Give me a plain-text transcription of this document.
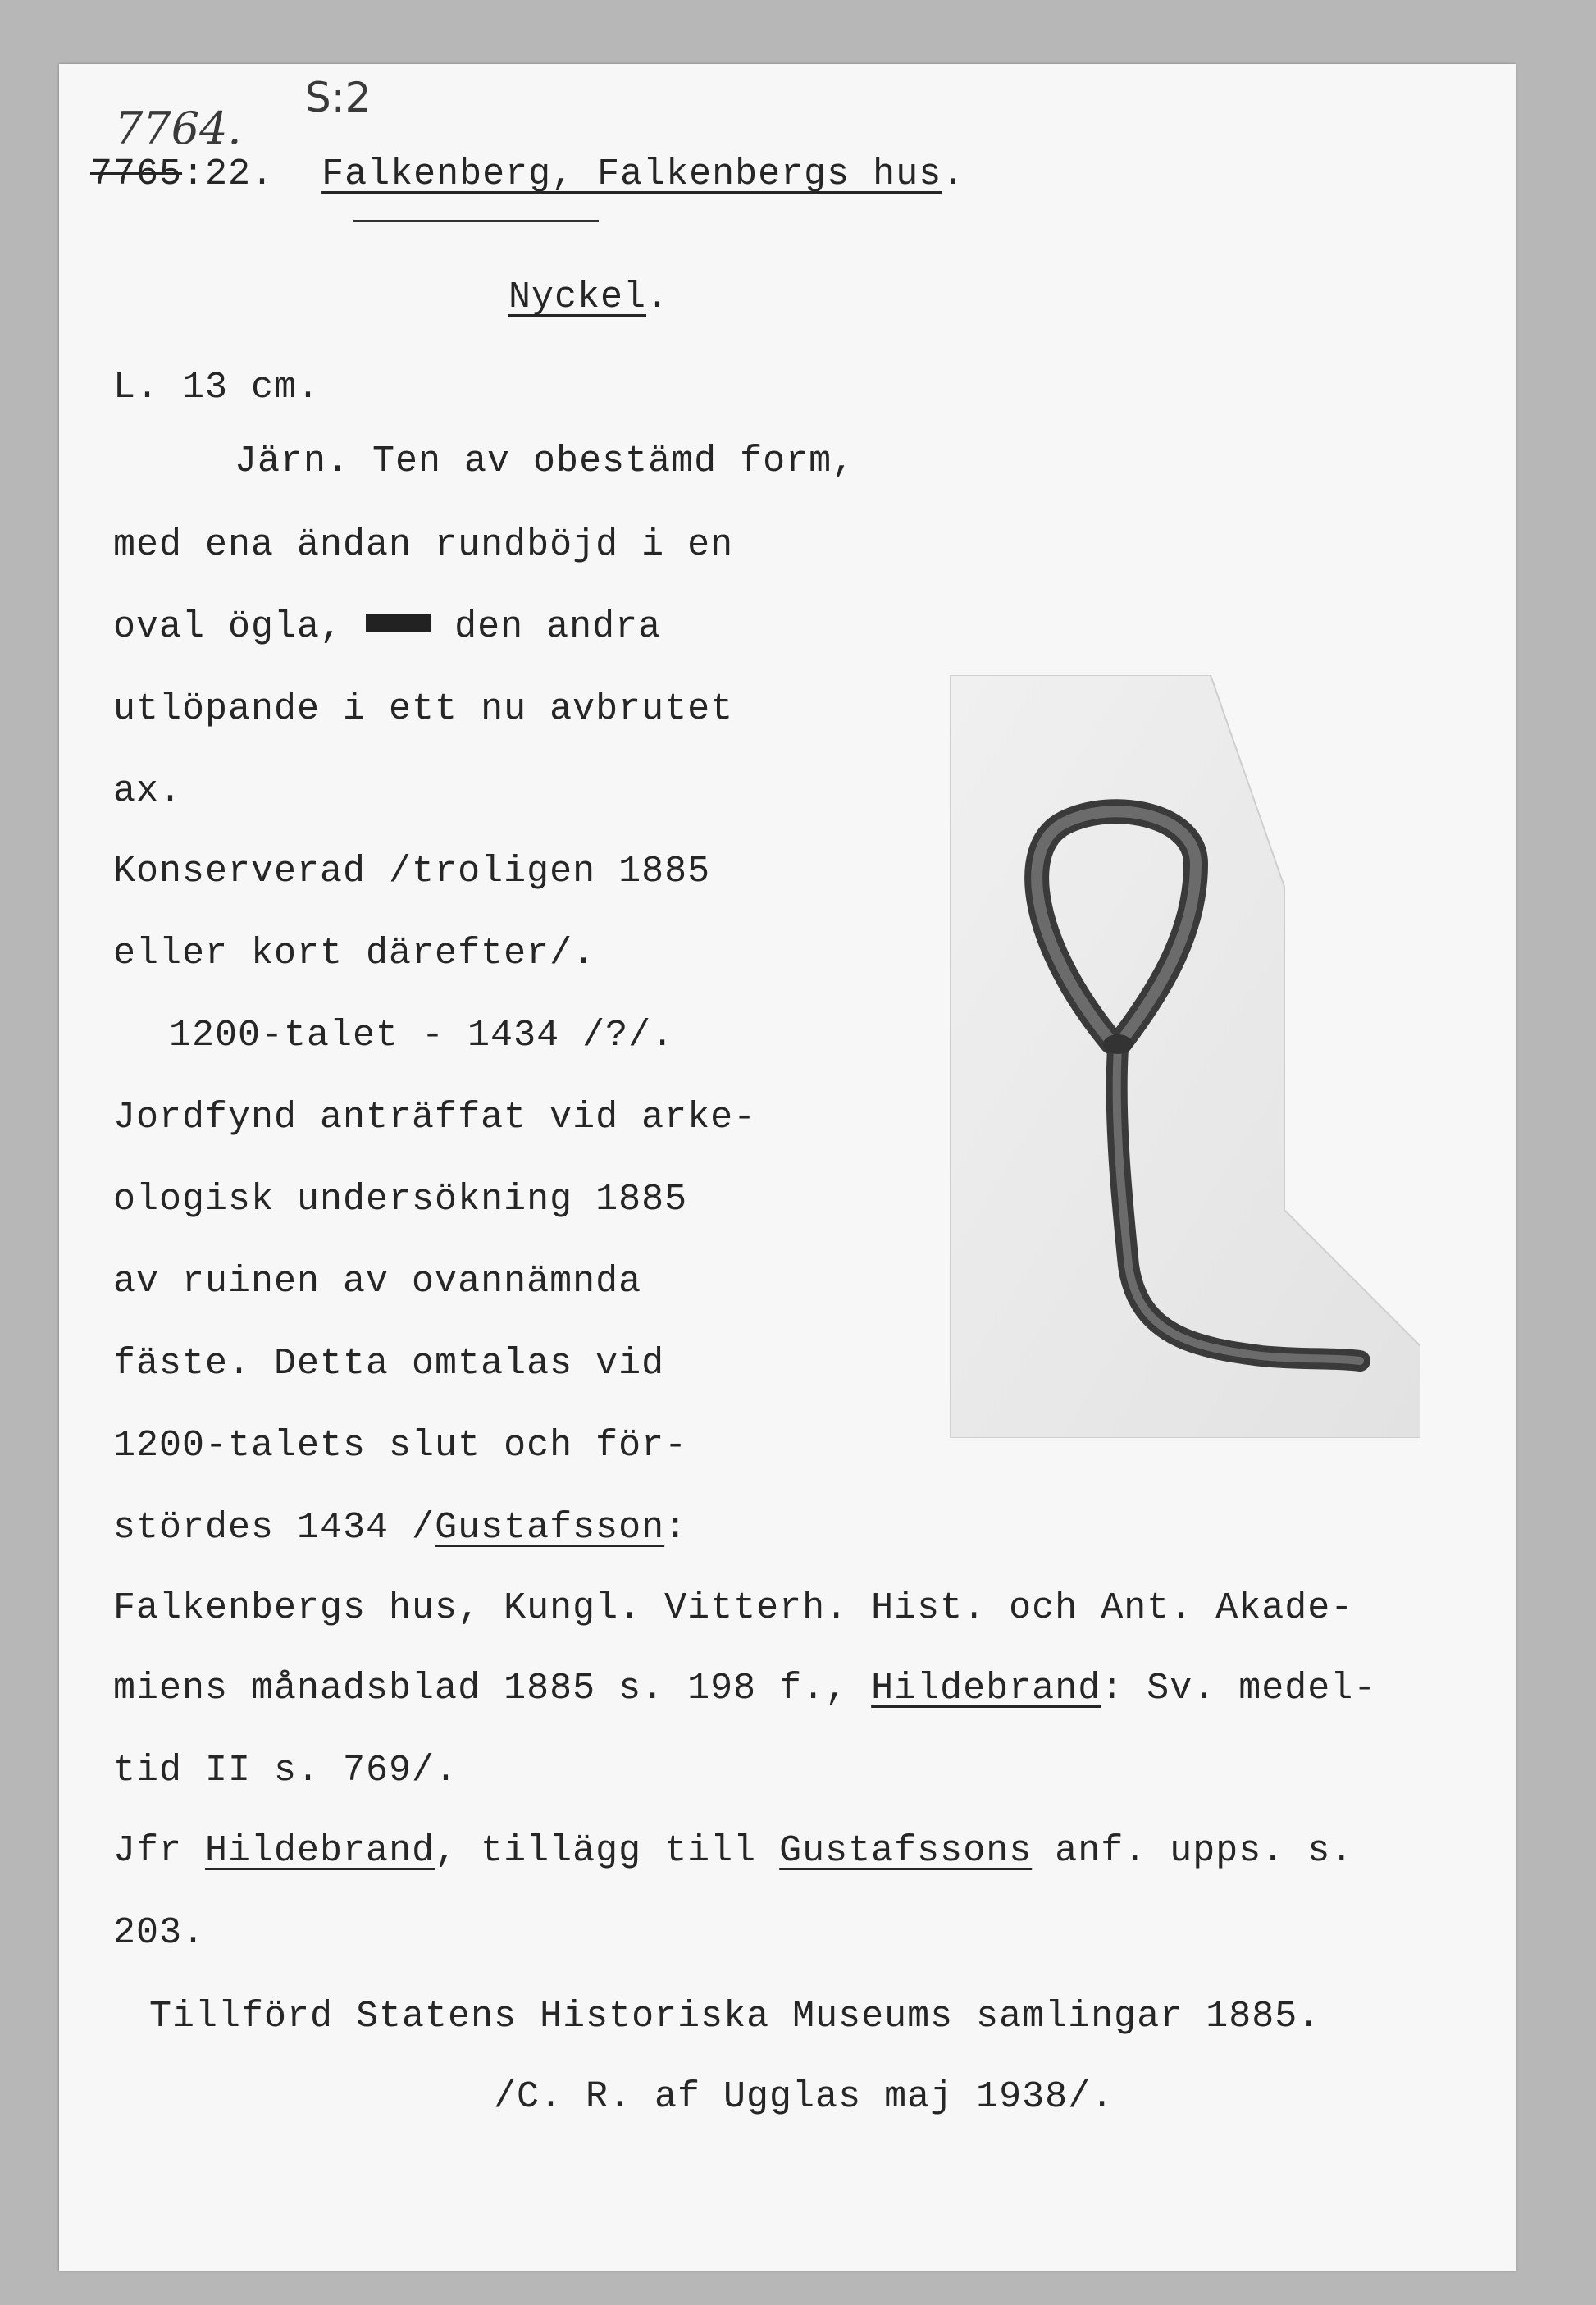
7764.
S:2
7765:22. Falkenberg, Falkenbergs hus.
Nyckel.
L. 13 cm.
Järn. Ten av obestämd form,
med ena ändan rundböjd i en
oval ögla,  den andra
utlöpande i ett nu avbrutet
ax.
Konserverad /troligen 1885
eller kort därefter/.
1200-talet - 1434 /?/.
Jordfynd anträffat vid arke-
ologisk undersökning 1885
av ruinen av ovannämnda
fäste. Detta omtalas vid
1200-talets slut och för-
stördes 1434 /Gustafsson:
Falkenbergs hus, Kungl. Vitterh. Hist. och Ant. Akade-
miens månadsblad 1885 s. 198 f., Hildebrand: Sv. medel-
tid II s. 769/.
Jfr Hildebrand, tillägg till Gustafssons anf. upps. s.
203.
Tillförd Statens Historiska Museums samlingar 1885.
/C. R. af Ugglas maj 1938/.
